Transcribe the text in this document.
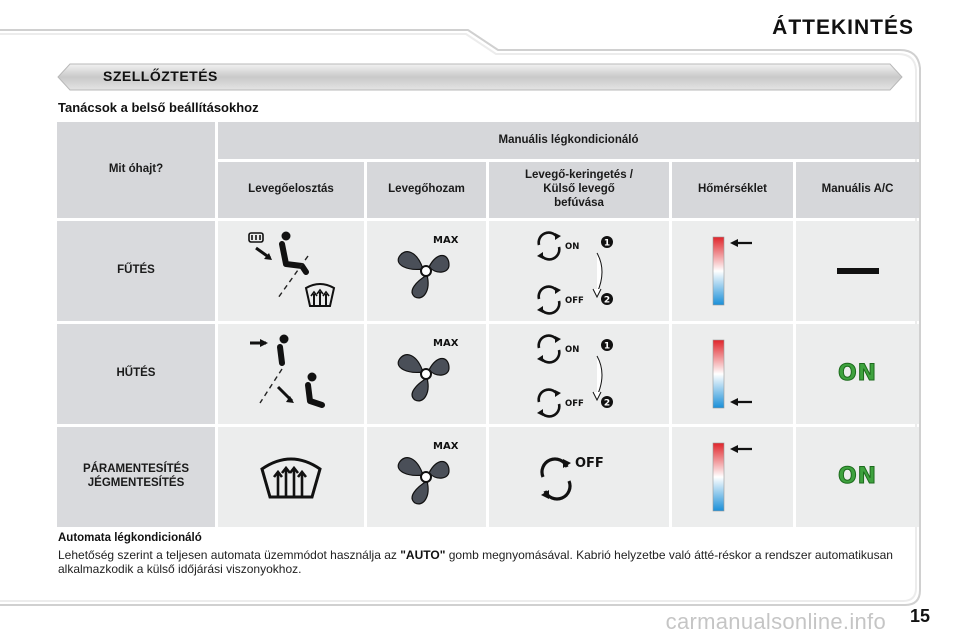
ÁTTEKINTÉS
SZELLŐZTETÉS
Tanácsok a belső beállításokhoz
Mit óhajt?
Manuális légkondicionáló
Levegőelosztás	Levegőhozam
Levegő-keringetés /
Külső levegő
befúvása
Hőmérséklet	Manuális A/C
FŰTÉS
MAX
ON
OFF
1
2
HŰTÉS
MAX
ON
OFF
1
2
ON
PÁRAMENTESÍTÉS
JÉGMENTESÍTÉS
MAX
OFF
ON
Automata légkondicionáló
Lehetőség szerint a teljesen automata üzemmódot használja az "AUTO" gomb megnyomásával. Kabrió helyzetbe való átté-réskor a rendszer automatikusan alkalmazkodik a külső időjárási viszonyokhoz.
carmanualsonline.info 15
